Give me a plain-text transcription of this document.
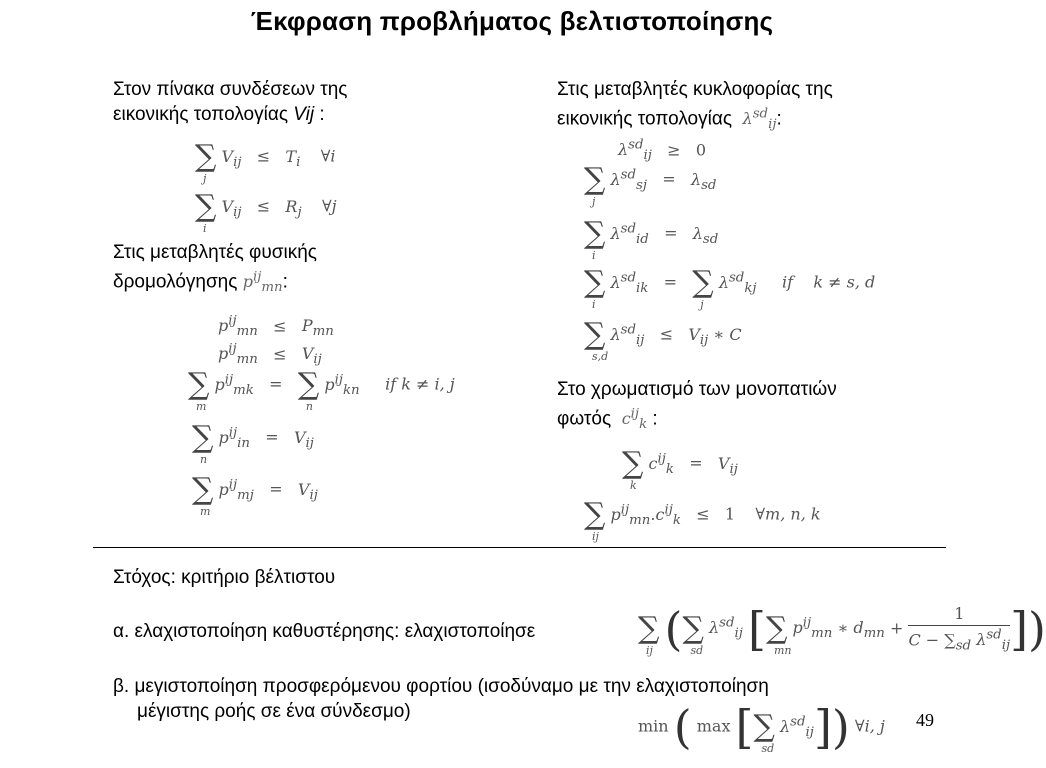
Έκφραση προβλήματος βελτιστοποίησης
Στον πίνακα συνδέσεων της
εικονικής τοπολογίας Vij :
∑
j
$V_{ij} \le T_i$    ∀i
∑
i
$V_{ij} \le R_j$    ∀j
Στις μεταβλητές φυσικής
δρομολόγησης $p^{ij}_{mn}$:
$p^{ij}_{mn} \le P_{mn}$
$p^{ij}_{mn} \le V_{ij}$
∑
m
$p^{ij}_{mk}$   =   ∑
n
$p^{ij}_{kn}$ if k ≠ i, j
∑
n
$p^{ij}_{in} = V_{ij}$
∑
m
$p^{ij}_{mj} = V_{ij}$
Στις μεταβλητές κυκλοφορίας της
εικονικής τοπολογίας $\lambda^{sd}_{ij}$:
$\lambda^{sd}_{ij} \ge 0$
∑
j
$\lambda^{sd}_{sj} = \lambda_{sd}$
∑
i
$\lambda^{sd}_{id} = \lambda_{sd}$
∑
i
$\lambda^{sd}_{ik}$   =   ∑
j
$\lambda^{sd}_{kj}$ if k ≠ s, d
∑
s,d
$\lambda^{sd}_{ij} \le V_{ij}$ ∗ C
Στο χρωματισμό των μονοπατιών
φωτός $c^{ij}_k$ :
∑
k
$c^{ij}_k = V_{ij}$
∑
ij
$p^{ij}_{mn}.c^{ij}_k \le 1$    ∀m, n, k
Στόχος: κριτήριο βέλτιστου
α. ελαχιστοποίηση καθυστέρησης: ελαχιστοποίησε	∑
ij (∑
sd
$\lambda^{sd}_{ij}$ [∑
mn
$p^{ij}_{mn}$ ∗ $d_{mn} + \frac{1}{C - \sum_{sd} \lambda^{sd}_{ij}}$ ])
β. μεγιστοποίηση προσφερόμενου φορτίου (ισοδύναμο με την ελαχιστοποίηση
μέγιστης ροής σε ένα σύνδεσμο)
min ( max [∑
sd
$\lambda^{sd}_{ij}$]) ∀i, j 49
